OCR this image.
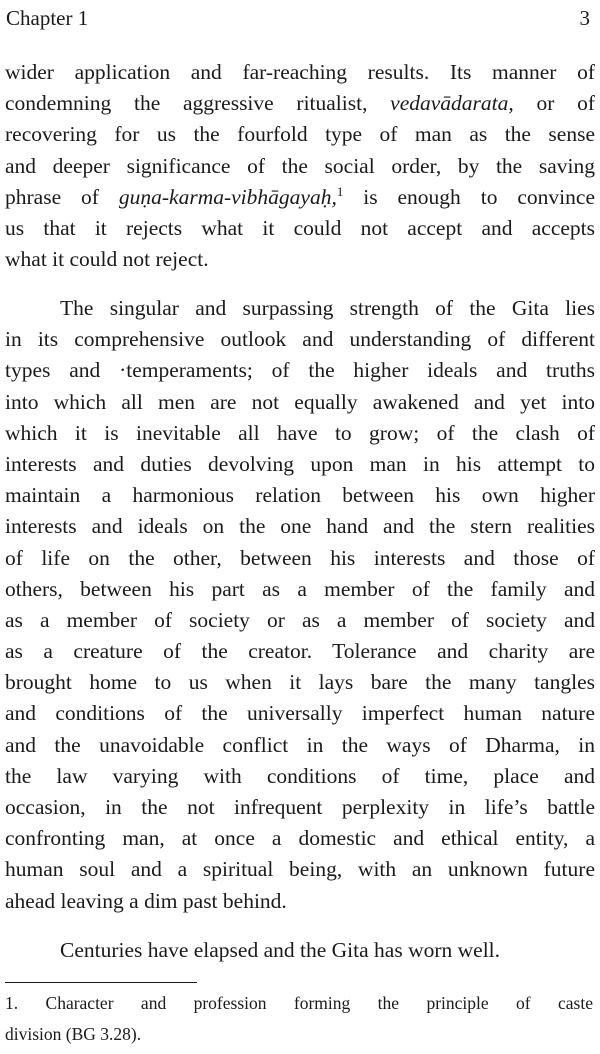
Chapter 1	3
wider application and far-reaching results. Its manner of
condemning the aggressive ritualist, vedavādarata, or of
recovering for us the fourfold type of man as the sense
and deeper significance of the social order, by the saving
phrase of guṇa-karma-vibhāgayaḥ,$^1$ is enough to convince
us that it rejects what it could not accept and accepts
what it could not reject.
The singular and surpassing strength of the Gita lies
in its comprehensive outlook and understanding of different
types and ·temperaments; of the higher ideals and truths
into which all men are not equally awakened and yet into
which it is inevitable all have to grow; of the clash of
interests and duties devolving upon man in his attempt to
maintain a harmonious relation between his own higher
interests and ideals on the one hand and the stern realities
of life on the other, between his interests and those of
others, between his part as a member of the family and
as a member of society or as a member of society and
as a creature of the creator. Tolerance and charity are
brought home to us when it lays bare the many tangles
and conditions of the universally imperfect human nature
and the unavoidable conflict in the ways of Dharma, in
the law varying with conditions of time, place and
occasion, in the not infrequent perplexity in life’s battle
confronting man, at once a domestic and ethical entity, a
human soul and a spiritual being, with an unknown future
ahead leaving a dim past behind.
Centuries have elapsed and the Gita has worn well.
1. Character and profession forming the principle of caste
division (BG 3.28).
